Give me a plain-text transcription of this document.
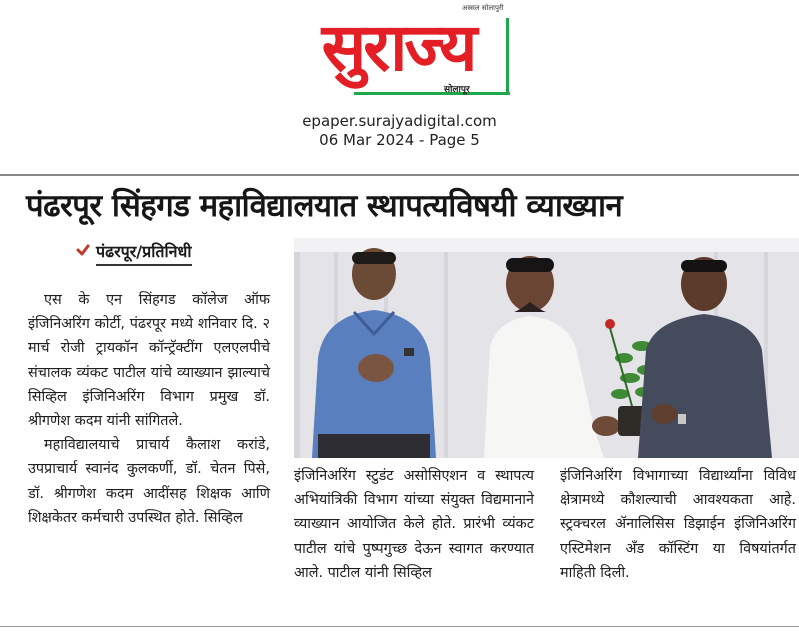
अस्सल सोलापुरी
सुराज्य
सोलापूर
epaper.surajyadigital.com
06 Mar 2024 - Page 5
पंढरपूर सिंहगड महाविद्यालयात स्थापत्यविषयी व्याख्यान
पंढरपूर/प्रतिनिधी

एस के एन सिंहगड कॉलेज ऑफ इंजिनिअरिंग कोर्टी, पंढरपूर मध्ये शनिवार दि. २ मार्च रोजी ट्रायकॉन कॉन्ट्रॅक्टींग एलएलपीचे संचालक व्यंकट पाटील यांचे व्याख्यान झाल्याचे सिव्हिल इंजिनिअरिंग विभाग प्रमुख डॉ. श्रीगणेश कदम यांनी सांगितले.

महाविद्यालयाचे प्राचार्य कैलाश करांडे, उपप्राचार्य स्वानंद कुलकर्णी, डॉ. चेतन पिसे, डॉ. श्रीगणेश कदम आदींसह शिक्षक आणि शिक्षकेतर कर्मचारी उपस्थित होते. सिव्हिल

इंजिनिअरिंग स्टुडंट असोसिएशन व स्थापत्य अभियांत्रिकी विभाग यांच्या संयुक्त विद्यमानाने व्याख्यान आयोजित केले होते. प्रारंभी व्यंकट पाटील यांचे पुष्पगुच्छ देऊन स्वागत करण्यात आले. पाटील यांनी सिव्हिल

इंजिनिअरिंग विभागाच्या विद्यार्थ्यांना विविध क्षेत्रामध्ये कौशल्याची आवश्यकता आहे. स्ट्रक्चरल ॲनालिसिस डिझाईन इंजिनिअरिंग एस्टिमेशन अँड कॉस्टिंग या विषयांतर्गत माहिती दिली.
